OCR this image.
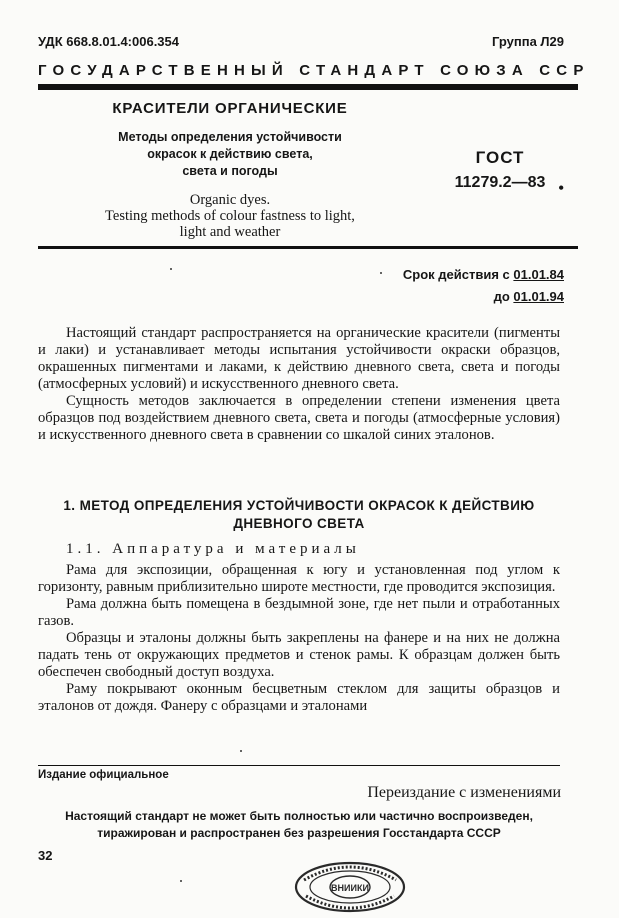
УДК 668.8.01.4:006.354	Группа Л29
ГОСУДАРСТВЕННЫЙ СТАНДАРТ СОЮЗА ССР
КРАСИТЕЛИ ОРГАНИЧЕСКИЕ
Методы определения устойчивости
окрасок к действию света,
света и погоды
Organic dyes.
Testing methods of colour fastness to light,
light and weather
ГОСТ
11279.2—83 •
Срок действия с 01.01.84
до 01.01.94

Настоящий стандарт распространяется на органические красители (пигменты и лаки) и устанавливает методы испытания устойчивости окраски образцов, окрашенных пигментами и лаками, к действию дневного света, света и погоды (атмосферных условий) и искусственного дневного света.

Сущность методов заключается в определении степени изменения цвета образцов под воздействием дневного света, света и погоды (атмосферные условия) и искусственного дневного света в сравнении со шкалой синих эталонов.

1. МЕТОД ОПРЕДЕЛЕНИЯ УСТОЙЧИВОСТИ ОКРАСОК К ДЕЙСТВИЮ
ДНЕВНОГО СВЕТА
1.1. Аппаратура и материалы

Рама для экспозиции, обращенная к югу и установленная под углом к горизонту, равным приблизительно широте местности, где проводится экспозиция.

Рама должна быть помещена в бездымной зоне, где нет пыли и отработанных газов.

Образцы и эталоны должны быть закреплены на фанере и на них не должна падать тень от окружающих предметов и стенок рамы. К образцам должен быть обеспечен свободный доступ воздуха.

Раму покрывают оконным бесцветным стеклом для защиты образцов и эталонов от дождя. Фанеру с образцами и эталонами

Издание официальное
Переиздание с изменениями
Настоящий стандарт не может быть полностью или частично воспроизведен,
тиражирован и распространен без разрешения Госстандарта СССР
32
ВНИИКИ
